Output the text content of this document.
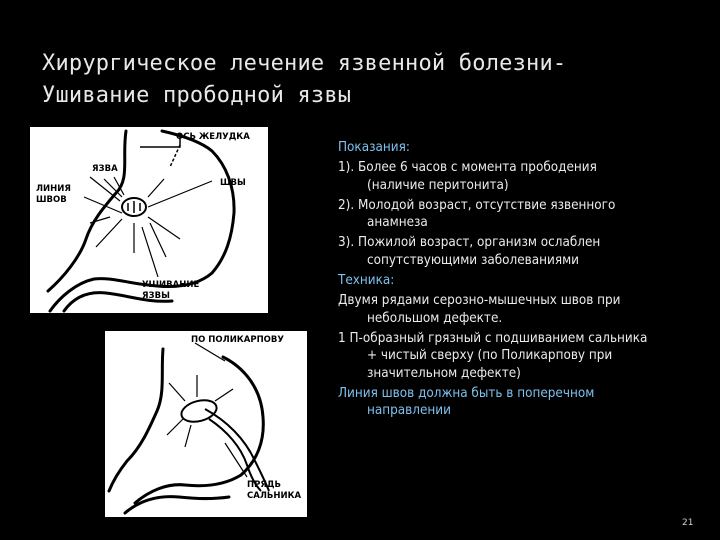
Хирургическое лечение язвенной болезни-
Ушивание прободной язвы
ОСЬ ЖЕЛУДКА
ЯЗВА
ЛИНИЯ
ШВОВ
ШВЫ
УШИВАНИЕ
ЯЗВЫ
ПО ПОЛИКАРПОВУ
ПРЯДЬ
САЛЬНИКА

Показания:

1). Более 6 часов с момента прободения
(наличие перитонита)

2). Молодой возраст, отсутствие язвенного
анамнеза

3). Пожилой возраст, организм ослаблен
сопутствующими заболеваниями

Техника:

Двумя рядами серозно-мышечных швов при
небольшом дефекте.

1 П-образный грязный с подшиванием сальника
+ чистый сверху (по Поликарпову при
значительном дефекте)

Линия швов должна быть в поперечном
направлении

21
